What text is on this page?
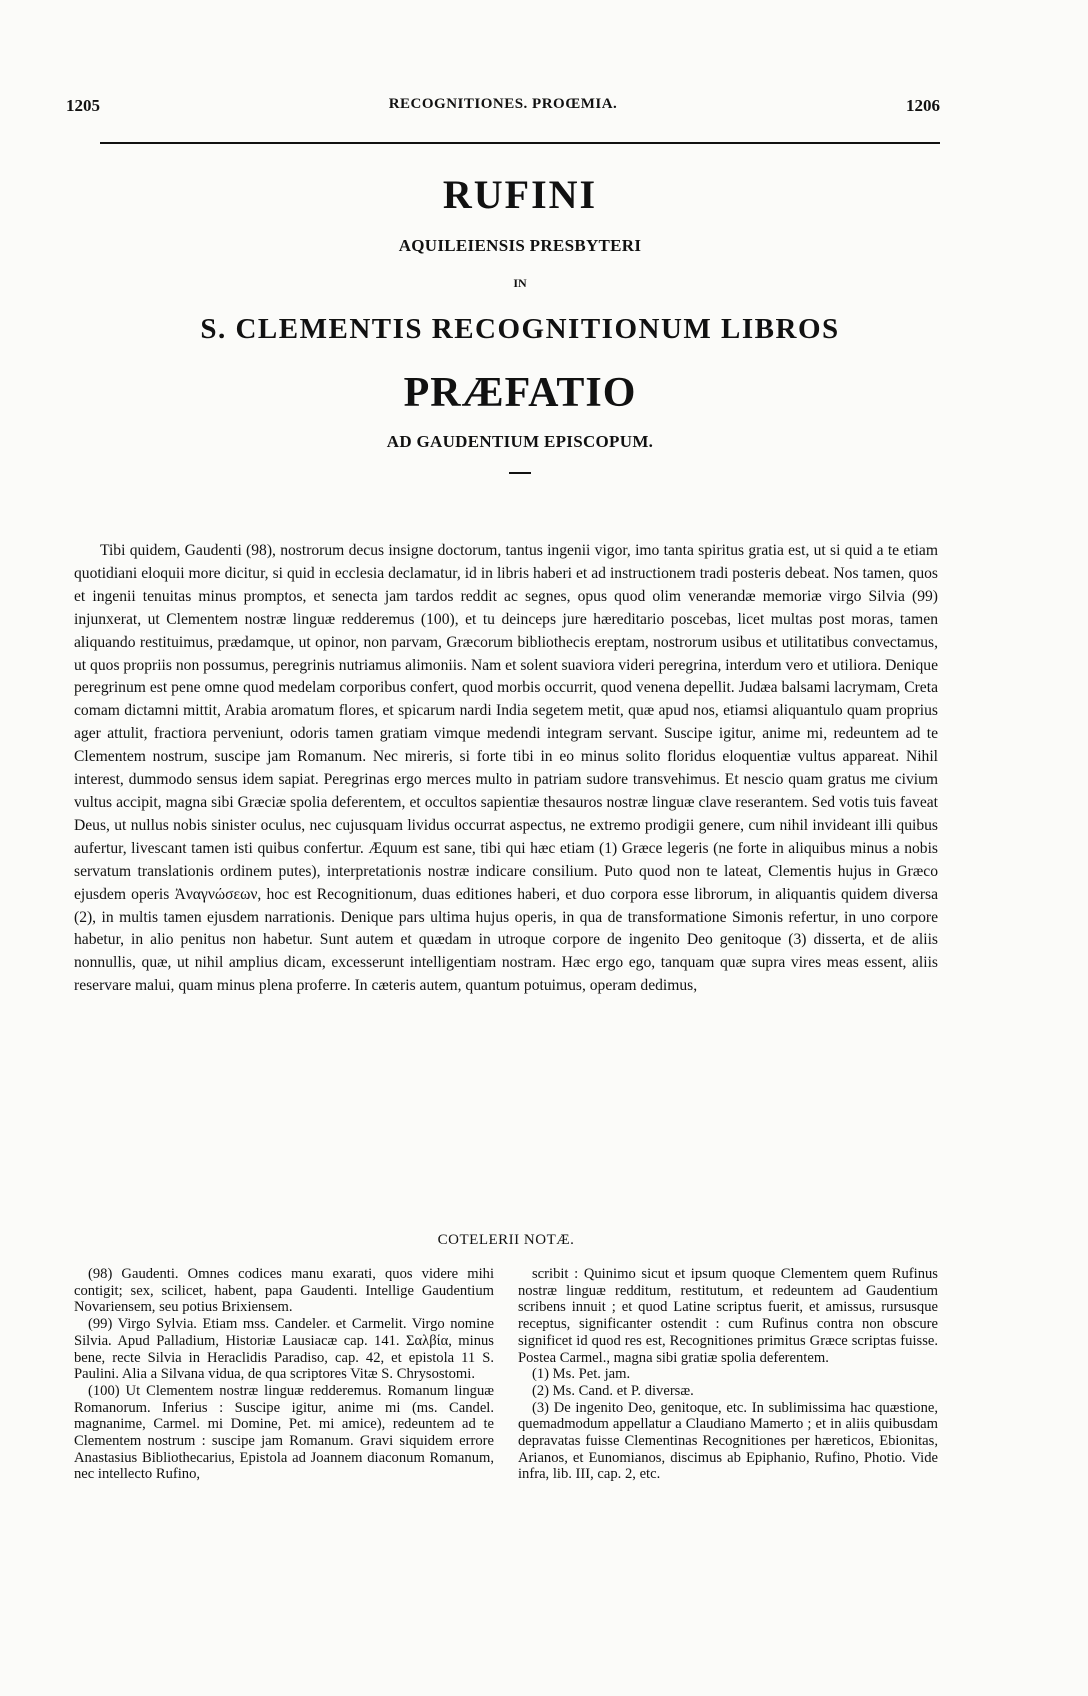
1205	RECOGNITIONES. PROŒMIA.	1206
RUFINI
AQUILEIENSIS PRESBYTERI
IN
S. CLEMENTIS RECOGNITIONUM LIBROS
PRÆFATIO
AD GAUDENTIUM EPISCOPUM.

Tibi quidem, Gaudenti (98), nostrorum decus insigne doctorum, tantus ingenii vigor, imo tanta spiritus gratia est, ut si quid a te etiam quotidiani eloquii more dicitur, si quid in ecclesia declamatur, id in libris haberi et ad instructionem tradi posteris debeat. Nos tamen, quos et ingenii tenuitas minus promptos, et senecta jam tardos reddit ac segnes, opus quod olim venerandæ memoriæ virgo Silvia (99) injunxerat, ut Clementem nostræ linguæ redderemus (100), et tu deinceps jure hæreditario poscebas, licet multas post moras, tamen aliquando restituimus, prædamque, ut opinor, non parvam, Græcorum bibliothecis ereptam, nostrorum usibus et utilitatibus convectamus, ut quos propriis non possumus, peregrinis nutriamus alimoniis. Nam et solent suaviora videri peregrina, interdum vero et utiliora. Denique peregrinum est pene omne quod medelam corporibus confert, quod morbis occurrit, quod venena depellit. Judæa balsami lacrymam, Creta comam dictamni mittit, Arabia aromatum flores, et spicarum nardi India segetem metit, quæ apud nos, etiamsi aliquantulo quam proprius ager attulit, fractiora perveniunt, odoris tamen gratiam vimque medendi integram servant. Suscipe igitur, anime mi, redeuntem ad te Clementem nostrum, suscipe jam Romanum. Nec mireris, si forte tibi in eo minus solito floridus eloquentiæ vultus appareat. Nihil interest, dummodo sensus idem sapiat. Peregrinas ergo merces multo in patriam sudore transvehimus. Et nescio quam gratus me civium vultus accipit, magna sibi Græciæ spolia deferentem, et occultos sapientiæ thesauros nostræ linguæ clave reserantem. Sed votis tuis faveat Deus, ut nullus nobis sinister oculus, nec cujusquam lividus occurrat aspectus, ne extremo prodigii genere, cum nihil invideant illi quibus aufertur, livescant tamen isti quibus confertur. Æquum est sane, tibi qui hæc etiam (1) Græce legeris (ne forte in aliquibus minus a nobis servatum translationis ordinem putes), interpretationis nostræ indicare consilium. Puto quod non te lateat, Clementis hujus in Græco ejusdem operis Ἀναγνώσεων, hoc est Recognitionum, duas editiones haberi, et duo corpora esse librorum, in aliquantis quidem diversa (2), in multis tamen ejusdem narrationis. Denique pars ultima hujus operis, in qua de transformatione Simonis refertur, in uno corpore habetur, in alio penitus non habetur. Sunt autem et quædam in utroque corpore de ingenito Deo genitoque (3) disserta, et de aliis nonnullis, quæ, ut nihil amplius dicam, excesserunt intelligentiam nostram. Hæc ergo ego, tanquam quæ supra vires meas essent, aliis reservare malui, quam minus plena proferre. In cæteris autem, quantum potuimus, operam dedimus,

COTELERII NOTÆ.

(98) Gaudenti. Omnes codices manu exarati, quos videre mihi contigit; sex, scilicet, habent, papa Gaudenti. Intellige Gaudentium Novariensem, seu potius Brixiensem.

(99) Virgo Sylvia. Etiam mss. Candeler. et Carmelit. Virgo nomine Silvia. Apud Palladium, Historiæ Lausiacæ cap. 141. Σαλβία, minus bene, recte Silvia in Heraclidis Paradiso, cap. 42, et epistola 11 S. Paulini. Alia a Silvana vidua, de qua scriptores Vitæ S. Chrysostomi.

(100) Ut Clementem nostræ linguæ redderemus. Romanum linguæ Romanorum. Inferius : Suscipe igitur, anime mi (ms. Candel. magnanime, Carmel. mi Domine, Pet. mi amice), redeuntem ad te Clementem nostrum : suscipe jam Romanum. Gravi siquidem errore Anastasius Bibliothecarius, Epistola ad Joannem diaconum Romanum, nec intellecto Rufino,

scribit : Quinimo sicut et ipsum quoque Clementem quem Rufinus nostræ linguæ redditum, restitutum, et redeuntem ad Gaudentium scribens innuit ; et quod Latine scriptus fuerit, et amissus, rursusque receptus, significanter ostendit : cum Rufinus contra non obscure significet id quod res est, Recognitiones primitus Græce scriptas fuisse. Postea Carmel., magna sibi gratiæ spolia deferentem.

(1) Ms. Pet. jam.

(2) Ms. Cand. et P. diversæ.

(3) De ingenito Deo, genitoque, etc. In sublimissima hac quæstione, quemadmodum appellatur a Claudiano Mamerto ; et in aliis quibusdam depravatas fuisse Clementinas Recognitiones per hæreticos, Ebionitas, Arianos, et Eunomianos, discimus ab Epiphanio, Rufino, Photio. Vide infra, lib. III, cap. 2, etc.
